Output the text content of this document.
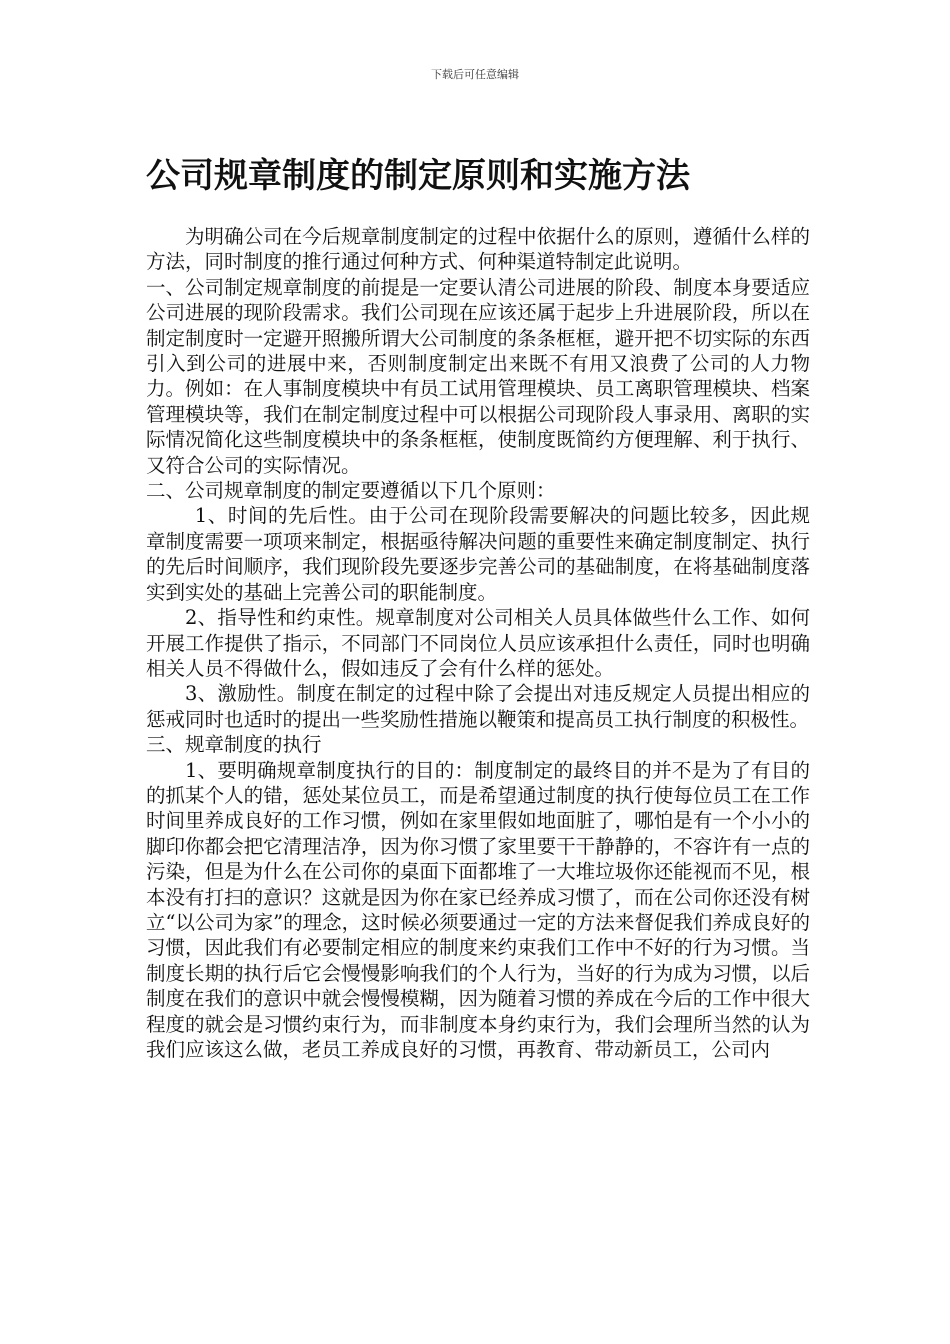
下载后可任意编辑
公司规章制度的制定原则和实施方法

为明确公司在今后规章制度制定的过程中依据什么的原则，遵循什么样的方法，同时制度的推行通过何种方式、何种渠道特制定此说明。

一、公司制定规章制度的前提是一定要认清公司进展的阶段、制度本身要适应公司进展的现阶段需求。我们公司现在应该还属于起步上升进展阶段，所以在制定制度时一定避开照搬所谓大公司制度的条条框框，避开把不切实际的东西引入到公司的进展中来，否则制度制定出来既不有用又浪费了公司的人力物力。例如：在人事制度模块中有员工试用管理模块、员工离职管理模块、档案管理模块等，我们在制定制度过程中可以根据公司现阶段人事录用、离职的实际情况简化这些制度模块中的条条框框，使制度既简约方便理解、利于执行、又符合公司的实际情况。

二、公司规章制度的制定要遵循以下几个原则：

1、时间的先后性。由于公司在现阶段需要解决的问题比较多，因此规章制度需要一项项来制定，根据亟待解决问题的重要性来确定制度制定、执行的先后时间顺序，我们现阶段先要逐步完善公司的基础制度，在将基础制度落实到实处的基础上完善公司的职能制度。

2、指导性和约束性。规章制度对公司相关人员具体做些什么工作、如何开展工作提供了指示，不同部门不同岗位人员应该承担什么责任，同时也明确相关人员不得做什么，假如违反了会有什么样的惩处。

3、激励性。制度在制定的过程中除了会提出对违反规定人员提出相应的惩戒同时也适时的提出一些奖励性措施以鞭策和提高员工执行制度的积极性。

三、规章制度的执行

1、要明确规章制度执行的目的：制度制定的最终目的并不是为了有目的的抓某个人的错，惩处某位员工，而是希望通过制度的执行使每位员工在工作时间里养成良好的工作习惯，例如在家里假如地面脏了，哪怕是有一个小小的脚印你都会把它清理洁净，因为你习惯了家里要干干静静的，不容许有一点的污染，但是为什么在公司你的桌面下面都堆了一大堆垃圾你还能视而不见，根本没有打扫的意识？这就是因为你在家已经养成习惯了，而在公司你还没有树立“以公司为家”的理念，这时候必须要通过一定的方法来督促我们养成良好的习惯，因此我们有必要制定相应的制度来约束我们工作中不好的行为习惯。当制度长期的执行后它会慢慢影响我们的个人行为，当好的行为成为习惯，以后制度在我们的意识中就会慢慢模糊，因为随着习惯的养成在今后的工作中很大程度的就会是习惯约束行为，而非制度本身约束行为，我们会理所当然的认为我们应该这么做，老员工养成良好的习惯，再教育、带动新员工，公司内
